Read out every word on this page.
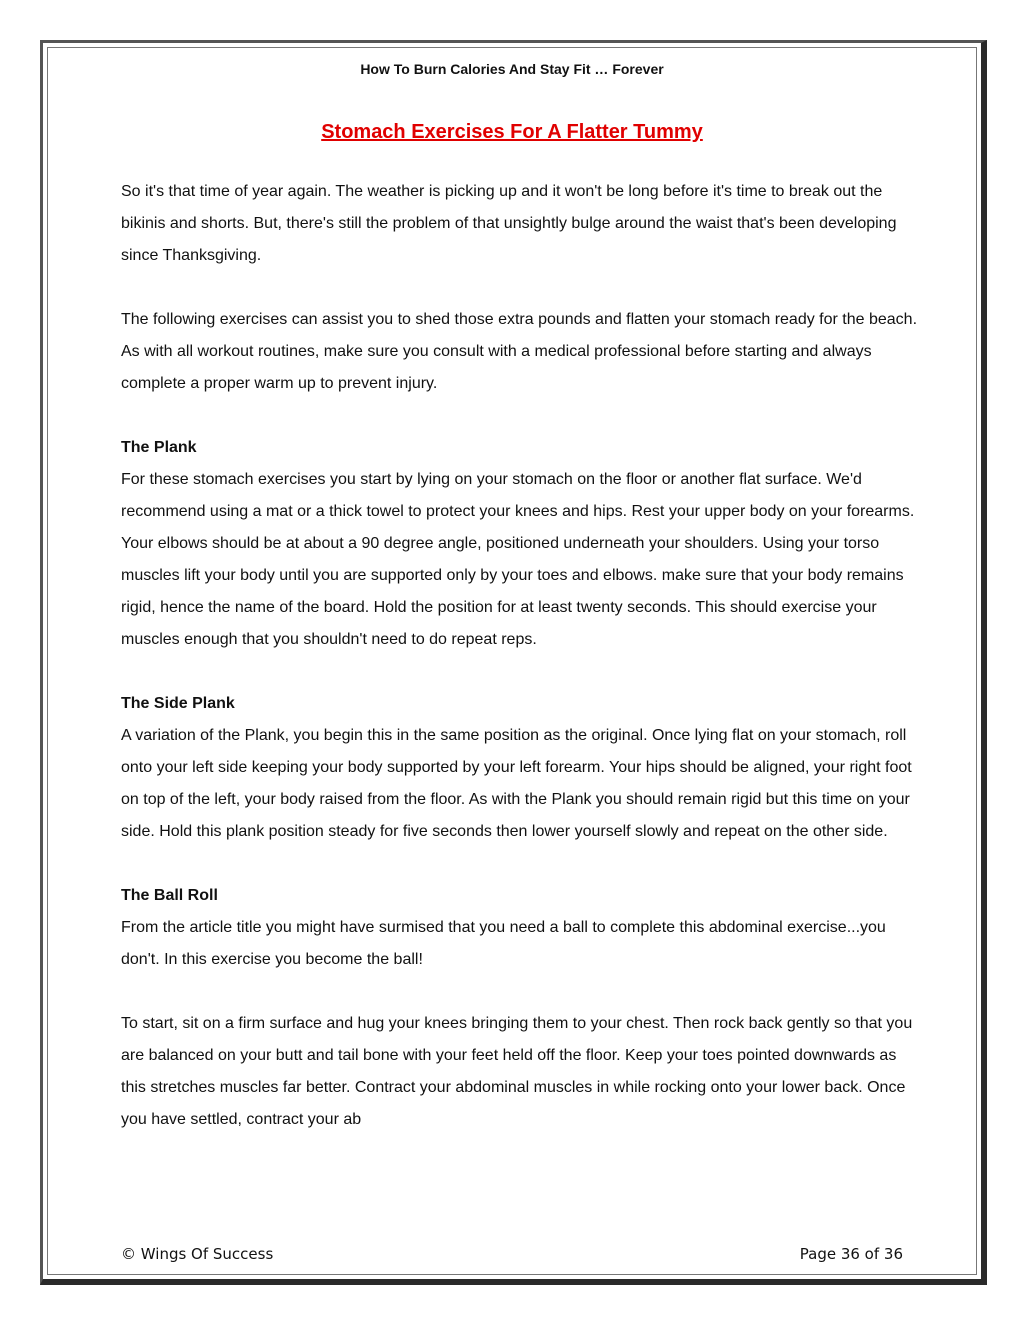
How To Burn Calories And Stay Fit … Forever
Stomach Exercises For A Flatter Tummy

So it's that time of year again. The weather is picking up and it won't be long before it's time to break out the bikinis and shorts. But, there's still the problem of that unsightly bulge around the waist that's been developing since Thanksgiving.

The following exercises can assist you to shed those extra pounds and flatten your stomach ready for the beach. As with all workout routines, make sure you consult with a medical professional before starting and always complete a proper warm up to prevent injury.

The Plank

For these stomach exercises you start by lying on your stomach on the floor or another flat surface. We'd recommend using a mat or a thick towel to protect your knees and hips. Rest your upper body on your forearms. Your elbows should be at about a 90 degree angle, positioned underneath your shoulders. Using your torso muscles lift your body until you are supported only by your toes and elbows. make sure that your body remains rigid, hence the name of the board. Hold the position for at least twenty seconds. This should exercise your muscles enough that you shouldn't need to do repeat reps.

The Side Plank

A variation of the Plank, you begin this in the same position as the original. Once lying flat on your stomach, roll onto your left side keeping your body supported by your left forearm. Your hips should be aligned, your right foot on top of the left, your body raised from the floor. As with the Plank you should remain rigid but this time on your side. Hold this plank position steady for five seconds then lower yourself slowly and repeat on the other side.

The Ball Roll

From the article title you might have surmised that you need a ball to complete this abdominal exercise...you don't. In this exercise you become the ball!

To start, sit on a firm surface and hug your knees bringing them to your chest. Then rock back gently so that you are balanced on your butt and tail bone with your feet held off the floor. Keep your toes pointed downwards as this stretches muscles far better. Contract your abdominal muscles in while rocking onto your lower back. Once you have settled, contract your ab

© Wings Of Success	Page 36 of 36
